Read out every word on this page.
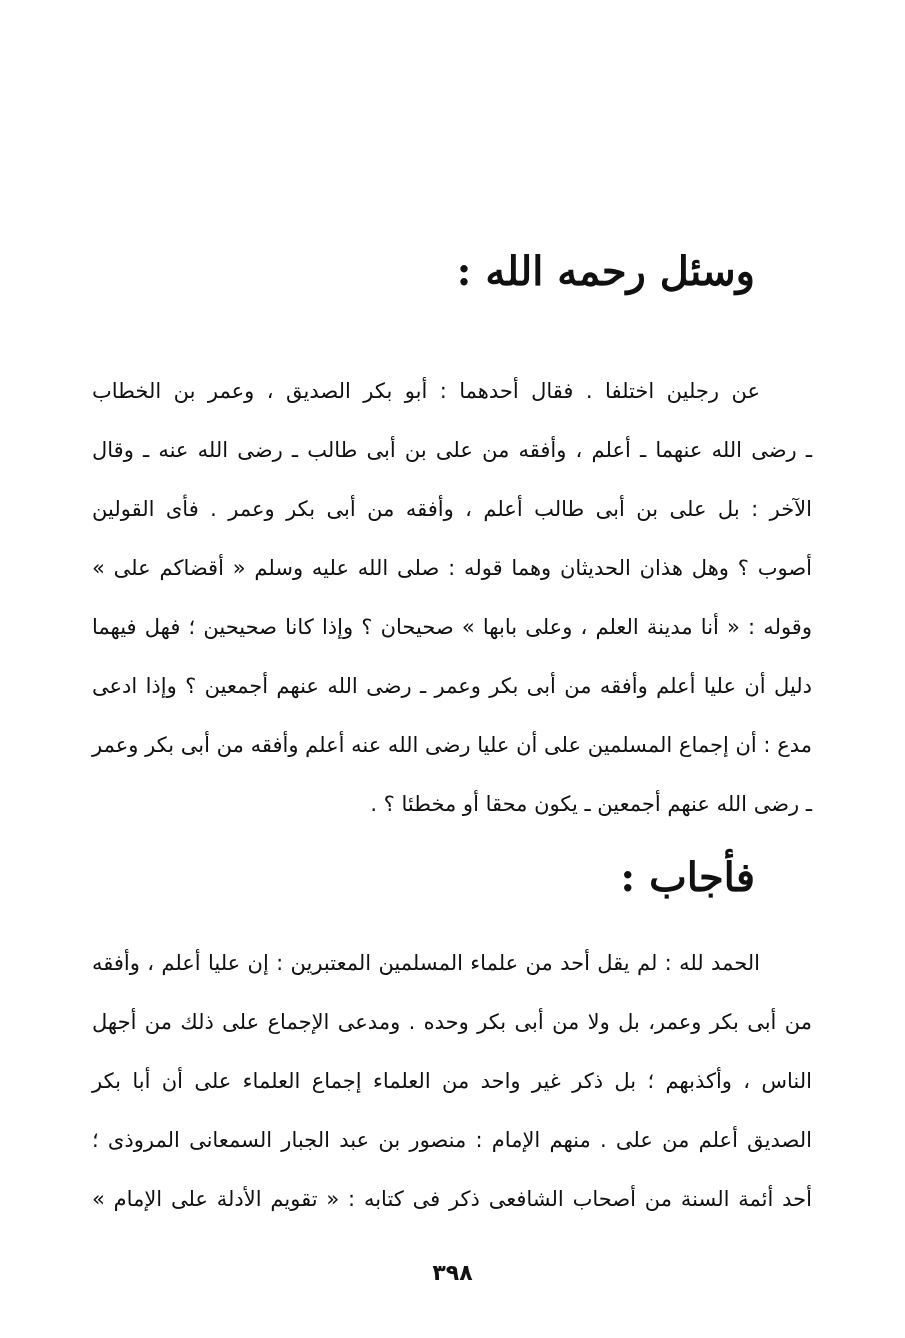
وسئل رحمه الله :
عن رجلين اختلفا . فقال أحدهما : أبو بكر الصديق ، وعمر بن الخطاب
ـ رضى الله عنهما ـ أعلم ، وأفقه من على بن أبى طالب ـ رضى الله عنه ـ وقال
الآخر : بل على بن أبى طالب أعلم ، وأفقه من أبى بكر وعمر . فأى القولين
أصوب ؟ وهل هذان الحديثان وهما قوله : صلى الله عليه وسلم « أقضاكم على »
وقوله : « أنا مدينة العلم ، وعلى بابها » صحيحان ؟ وإذا كانا صحيحين ؛ فهل فيهما
دليل أن عليا أعلم وأفقه من أبى بكر وعمر ـ رضى الله عنهم أجمعين ؟ وإذا ادعى
مدع : أن إجماع المسلمين على أن عليا رضى الله عنه أعلم وأفقه من أبى بكر وعمر
ـ رضى الله عنهم أجمعين ـ يكون محقا أو مخطئا ؟ .
فأجاب :
الحمد لله : لم يقل أحد من علماء المسلمين المعتبرين : إن عليا أعلم ، وأفقه
من أبى بكر وعمر، بل ولا من أبى بكر وحده . ومدعى الإجماع على ذلك من أجهل
الناس ، وأكذبهم ؛ بل ذكر غير واحد من العلماء إجماع العلماء على أن أبا بكر
الصديق أعلم من على . منهم الإمام : منصور بن عبد الجبار السمعانى المروذى ؛
أحد أئمة السنة من أصحاب الشافعى ذكر فى كتابه : « تقويم الأدلة على الإمام »
٣٩٨
